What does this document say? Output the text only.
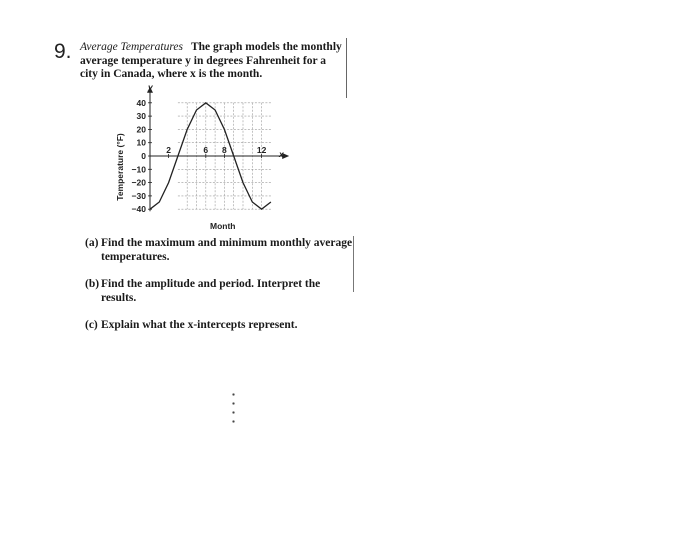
9. Average Temperatures The graph models the monthly average temperature y in degrees Fahrenheit for a city in Canada, where x is the month.
40
30
20
10
0
−10
−20
−30
−40
2	6 8	12
Temperature (°F)
Month
x
y
(a) Find the maximum and minimum monthly average temperatures.
(b) Find the amplitude and period. Interpret the results.
(c) Explain what the x-intercepts represent.
